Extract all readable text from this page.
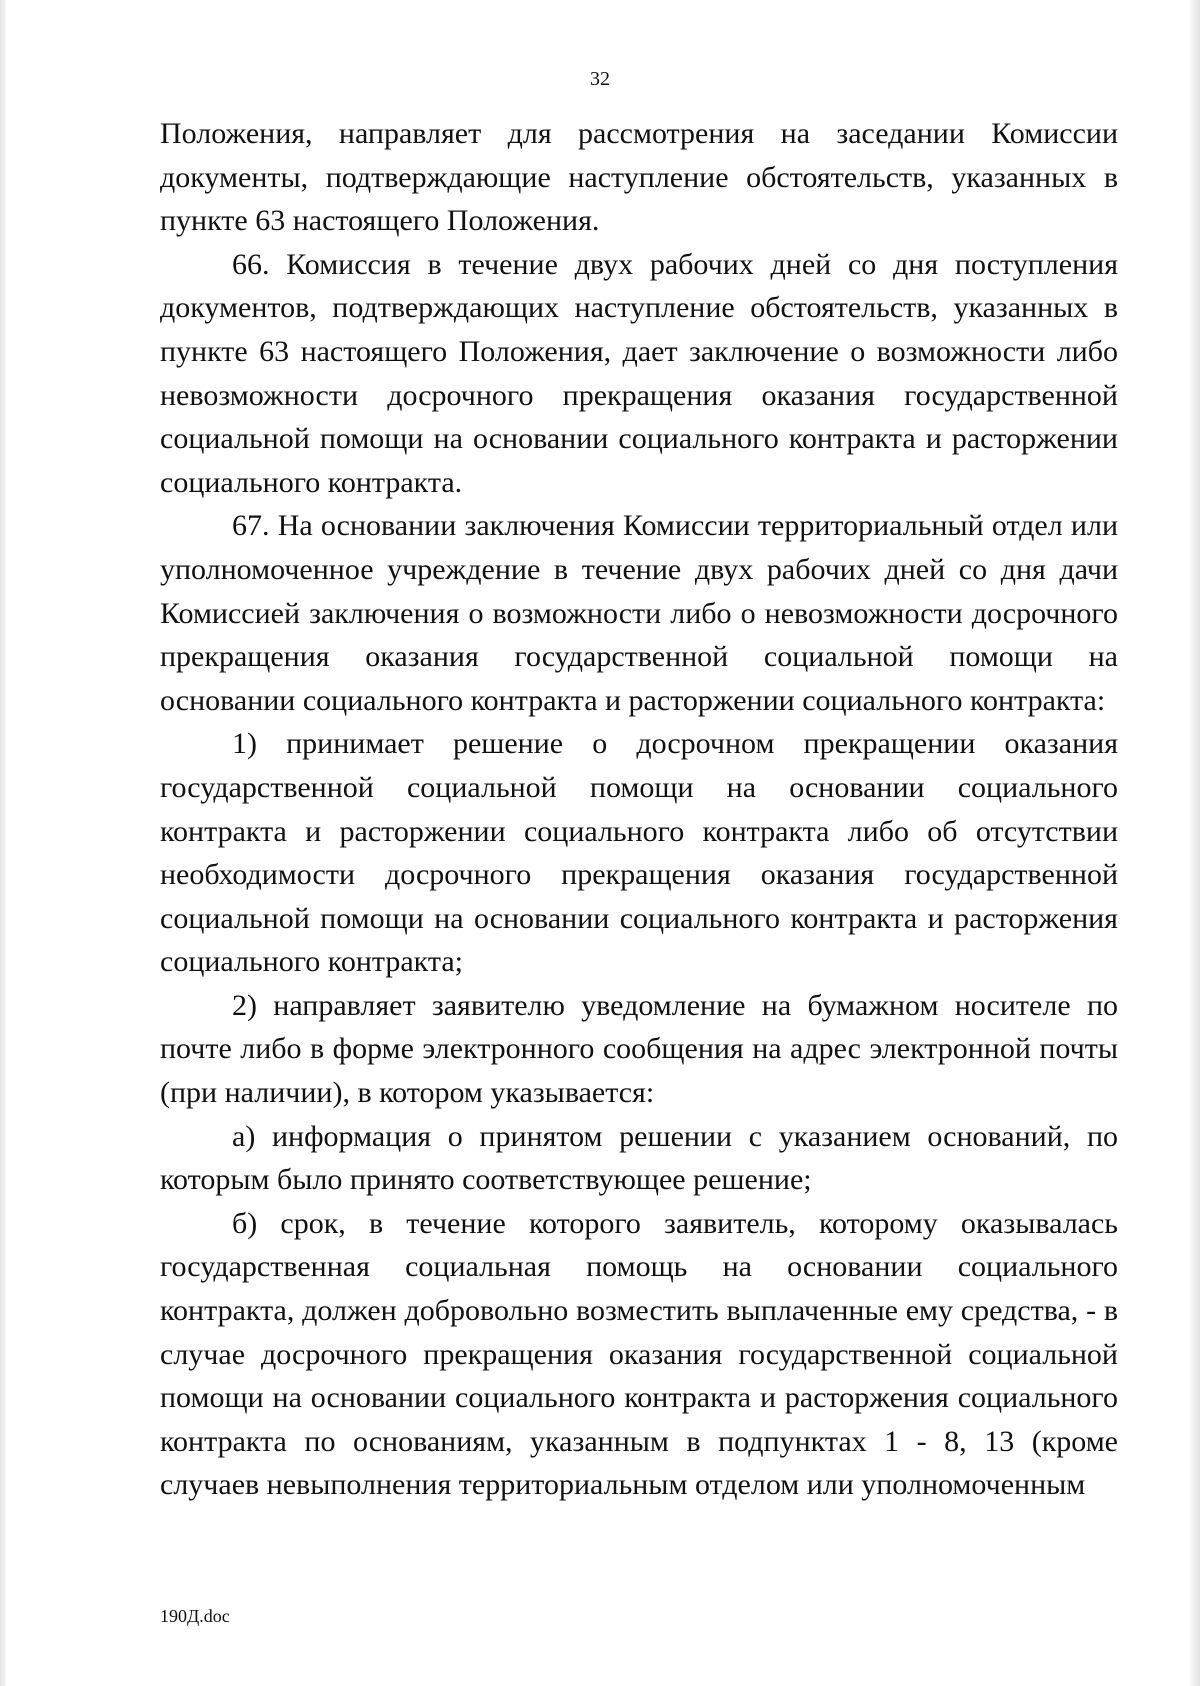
32

Положения, направляет для рассмотрения на заседании Комиссии документы, подтверждающие наступление обстоятельств, указанных в пункте 63 настоящего Положения.

66. Комиссия в течение двух рабочих дней со дня поступления документов, подтверждающих наступление обстоятельств, указанных в пункте 63 настоящего Положения, дает заключение о возможности либо невозможности досрочного прекращения оказания государственной социальной помощи на основании социального контракта и расторжении социального контракта.

67. На основании заключения Комиссии территориальный отдел или уполномоченное учреждение в течение двух рабочих дней со дня дачи Комиссией заключения о возможности либо о невозможности досрочного прекращения оказания государственной социальной помощи на основании социального контракта и расторжении социального контракта:

1) принимает решение о досрочном прекращении оказания государственной социальной помощи на основании социального контракта и расторжении социального контракта либо об отсутствии необходимости досрочного прекращения оказания государственной социальной помощи на основании социального контракта и расторжения социального контракта;

2) направляет заявителю уведомление на бумажном носителе по почте либо в форме электронного сообщения на адрес электронной почты (при наличии), в котором указывается:

а) информация о принятом решении с указанием оснований, по которым было принято соответствующее решение;

б) срок, в течение которого заявитель, которому оказывалась государственная социальная помощь на основании социального контракта, должен добровольно возместить выплаченные ему средства, - в случае досрочного прекращения оказания государственной социальной помощи на основании социального контракта и расторжения социального контракта по основаниям, указанным в подпунктах 1 - 8, 13 (кроме случаев невыполнения территориальным отделом или уполномоченным

190Д.doc
